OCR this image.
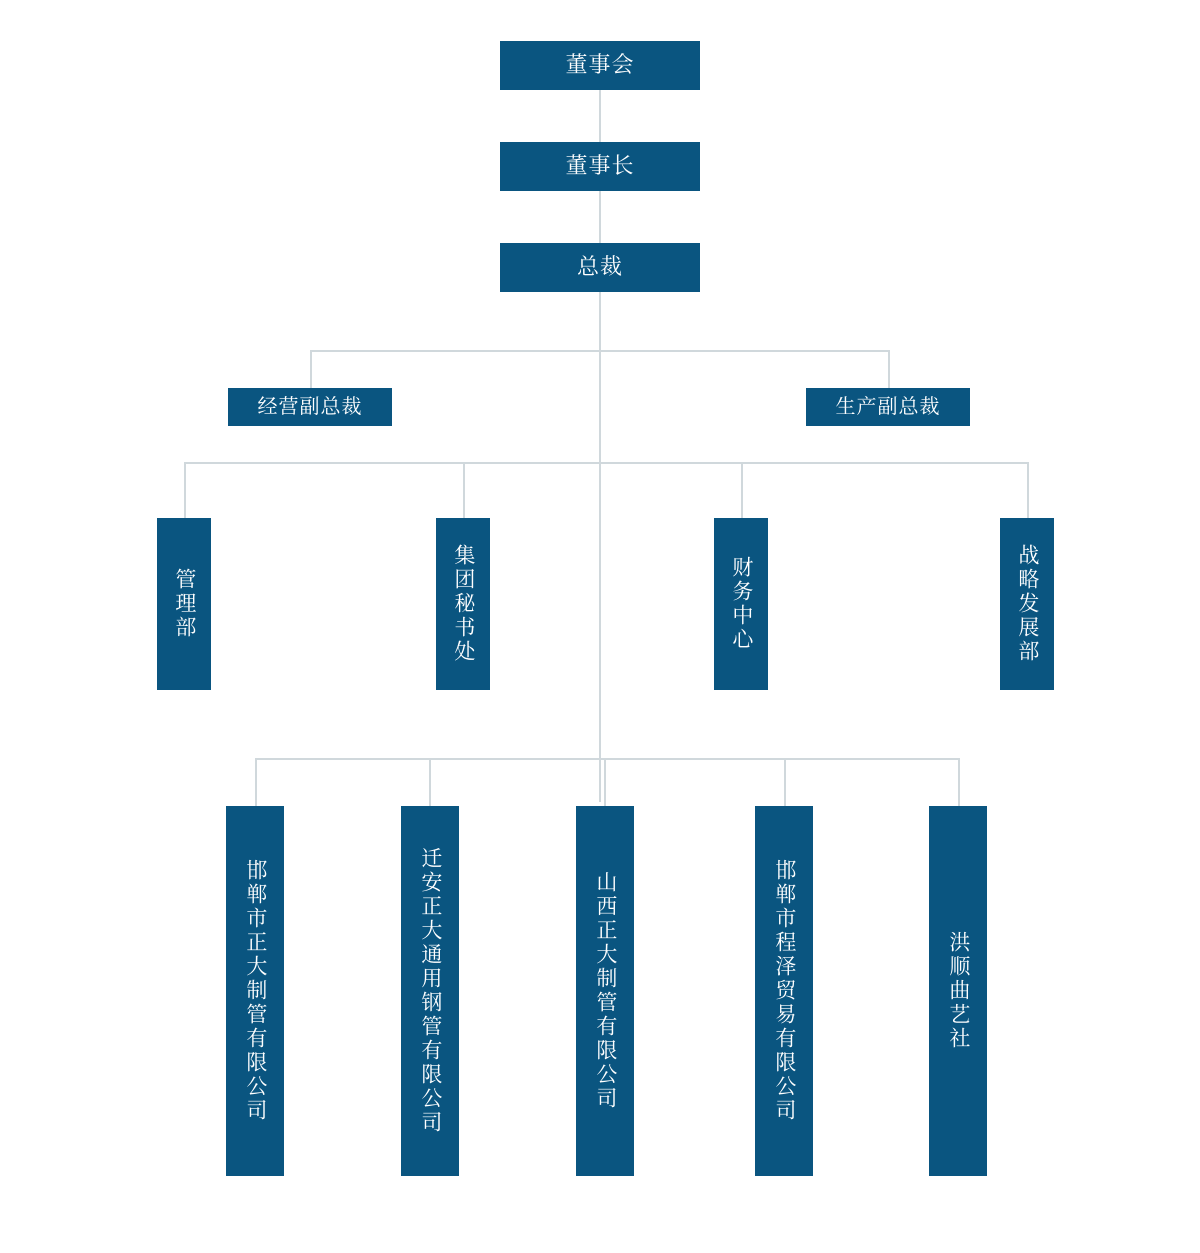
董事会
董事长
总裁
经营副总裁	生产副总裁
管理部	集团秘书处	财务中心	战略发展部
邯郸市正大制管有限公司	迁安正大通用钢管有限公司	山西正大制管有限公司	邯郸市程泽贸易有限公司	洪顺曲艺社
